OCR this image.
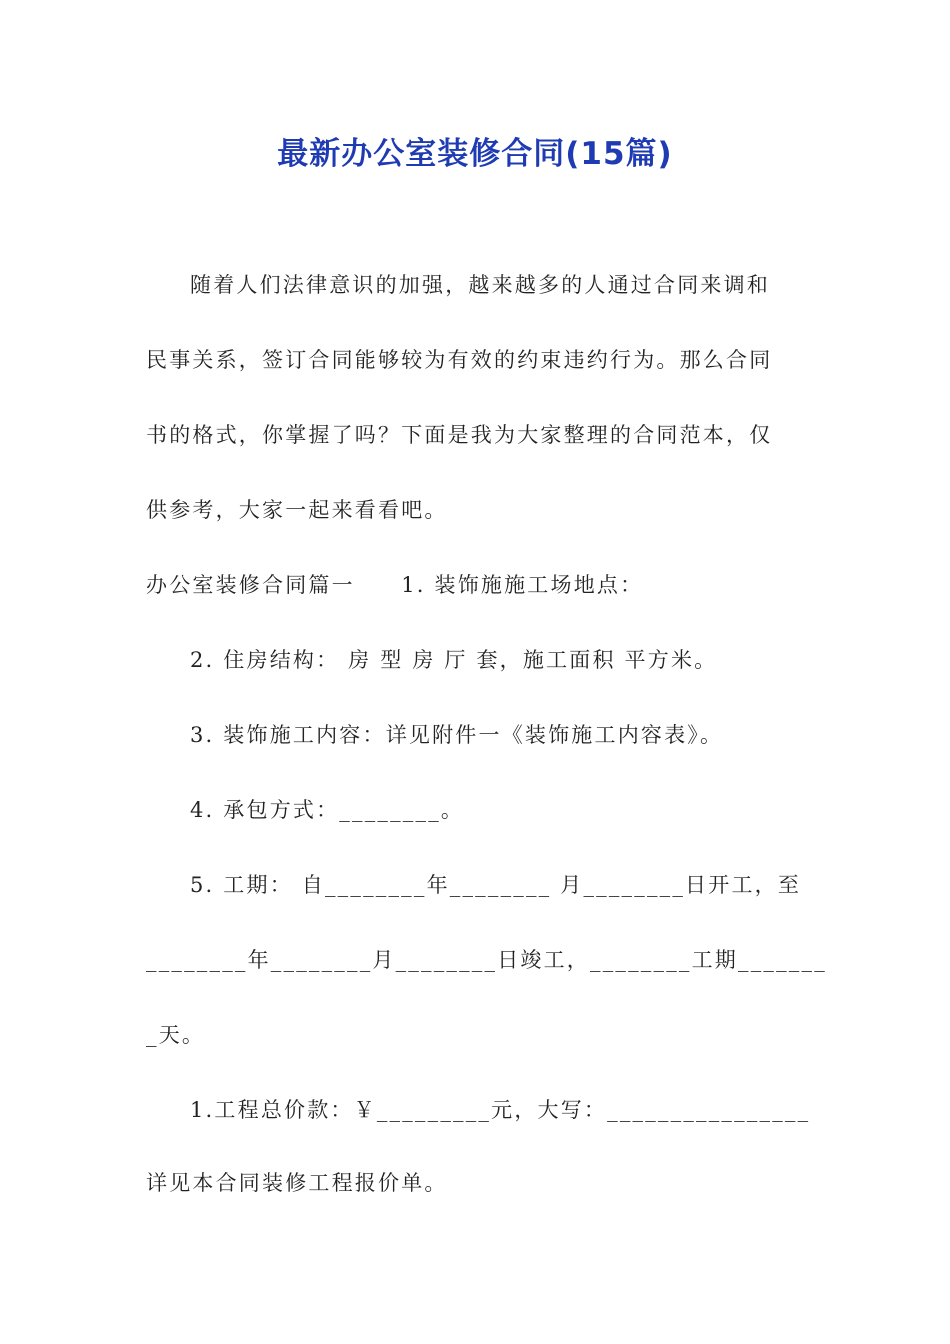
最新办公室装修合同(15篇)
随着人们法律意识的加强，越来越多的人通过合同来调和
民事关系，签订合同能够较为有效的约束违约行为。那么合同
书的格式，你掌握了吗？下面是我为大家整理的合同范本，仅
供参考，大家一起来看看吧。
办公室装修合同篇一　　1. 装饰施施工场地点：
2. 住房结构： 房 型 房 厅 套，施工面积 平方米。
3. 装饰施工内容：详见附件一《装饰施工内容表》。
4. 承包方式：________。
5. 工期： 自________年________ 月________日开工，至
________年________月________日竣工，________工期_______
_天。
1.工程总价款：￥_________元，大写：________________
详见本合同装修工程报价单。
